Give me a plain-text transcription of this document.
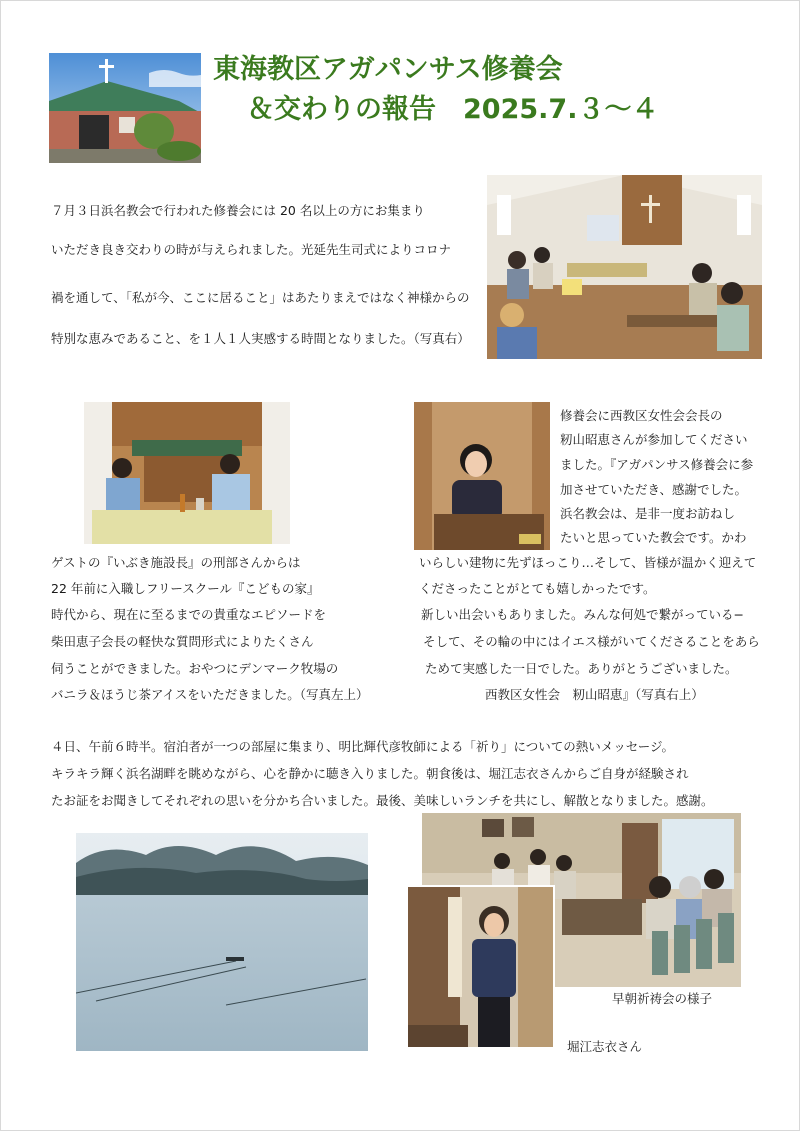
東海教区アガパンサス修養会
＆交わりの報告　2025.7.３～４
７月３日浜名教会で行われた修養会には 20 名以上の方にお集まり
いただき良き交わりの時が与えられました。光延先生司式によりコロナ
禍を通して、「私が今、ここに居ること」はあたりまえではなく神様からの
特別な恵みであること、を１人１人実感する時間となりました。（写真右）
修養会に西教区女性会会長の
籾山昭恵さんが参加してください
ました。『アガパンサス修養会に参
加させていただき、感謝でした。
浜名教会は、是非一度お訪ねし
たいと思っていた教会です。かわ
ゲストの『いぶき施設長』の刑部さんからは
22 年前に入職しフリースクール『こどもの家』
時代から、現在に至るまでの貴重なエピソードを
柴田恵子会長の軽快な質問形式によりたくさん
伺うことができました。おやつにデンマーク牧場の
バニラ＆ほうじ茶アイスをいただきました。（写真左上）
いらしい建物に先ずほっこり…そして、皆様が温かく迎えて
くださったことがとても嬉しかったです。
新しい出会いもありました。みんな何処で繋がっている−
そして、その輪の中にはイエス様がいてくださることをあら
ためて実感した一日でした。ありがとうございました。
西教区女性会　籾山昭恵』（写真右上）
４日、午前６時半。宿泊者が一つの部屋に集まり、明比輝代彦牧師による「祈り」についての熱いメッセージ。
キラキラ輝く浜名湖畔を眺めながら、心を静かに聴き入りました。朝食後は、堀江志衣さんからご自身が経験され
たお証をお聞きしてそれぞれの思いを分かち合いました。最後、美味しいランチを共にし、解散となりました。感謝。
早朝祈祷会の様子
堀江志衣さん
